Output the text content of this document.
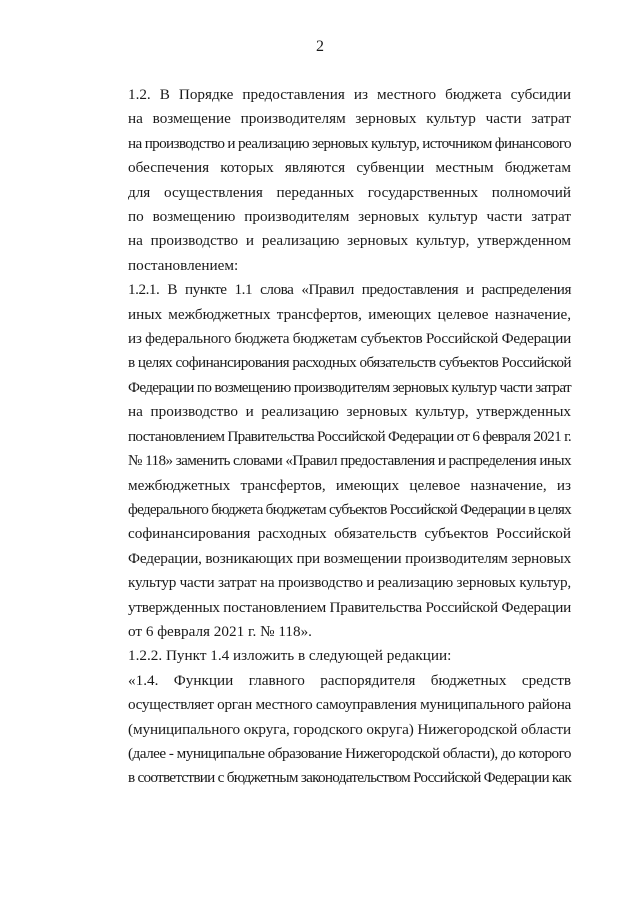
2

1.2. В Порядке предоставления из местного бюджета субсидии
на возмещение производителям зерновых культур части затрат
на производство и реализацию зерновых культур, источником финансового
обеспечения которых являются субвенции местным бюджетам
для осуществления переданных государственных полномочий
по возмещению производителям зерновых культур части затрат
на производство и реализацию зерновых культур, утвержденном
постановлением:

1.2.1. В пункте 1.1 слова «Правил предоставления и распределения
иных межбюджетных трансфертов, имеющих целевое назначение,
из федерального бюджета бюджетам субъектов Российской Федерации
в целях софинансирования расходных обязательств субъектов Российской
Федерации по возмещению производителям зерновых культур части затрат
на производство и реализацию зерновых культур, утвержденных
постановлением Правительства Российской Федерации от 6 февраля 2021 г.
№ 118» заменить словами «Правил предоставления и распределения иных
межбюджетных трансфертов, имеющих целевое назначение, из
федерального бюджета бюджетам субъектов Российской Федерации в целях
софинансирования расходных обязательств субъектов Российской
Федерации, возникающих при возмещении производителям зерновых
культур части затрат на производство и реализацию зерновых культур,
утвержденных постановлением Правительства Российской Федерации
от 6 февраля 2021 г. № 118».

1.2.2. Пункт 1.4 изложить в следующей редакции:

«1.4. Функции главного распорядителя бюджетных средств
осуществляет орган местного самоуправления муниципального района
(муниципального округа, городского округа) Нижегородской области
(далее - муниципальне образование Нижегородской области), до которого
в соответствии с бюджетным законодательством Российской Федерации как
